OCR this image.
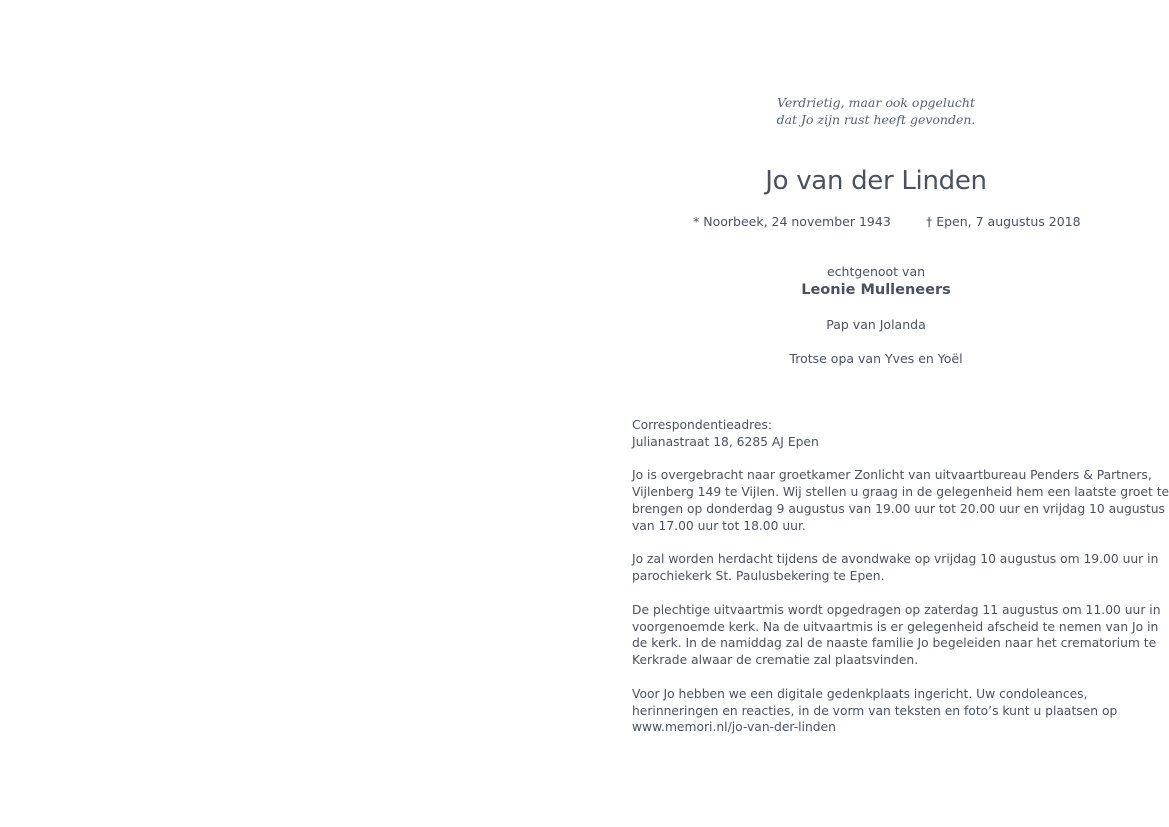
Verdrietig, maar ook opgelucht
dat Jo zijn rust heeft gevonden.
Jo van der Linden
* Noorbeek, 24 november 1943	† Epen, 7 augustus 2018
echtgenoot van
Leonie Mulleneers
Pap van Jolanda
Trotse opa van Yves en Yoël

Correspondentieadres:
Julianastraat 18, 6285 AJ Epen

Jo is overgebracht naar groetkamer Zonlicht van uitvaartbureau Penders & Partners,
Vijlenberg 149 te Vijlen. Wij stellen u graag in de gelegenheid hem een laatste groet te
brengen op donderdag 9 augustus van 19.00 uur tot 20.00 uur en vrijdag 10 augustus
van 17.00 uur tot 18.00 uur.

Jo zal worden herdacht tijdens de avondwake op vrijdag 10 augustus om 19.00 uur in
parochiekerk St. Paulusbekering te Epen.

De plechtige uitvaartmis wordt opgedragen op zaterdag 11 augustus om 11.00 uur in
voorgenoemde kerk. Na de uitvaartmis is er gelegenheid afscheid te nemen van Jo in
de kerk. In de namiddag zal de naaste familie Jo begeleiden naar het crematorium te
Kerkrade alwaar de crematie zal plaatsvinden.

Voor Jo hebben we een digitale gedenkplaats ingericht. Uw condoleances,
herinneringen en reacties, in de vorm van teksten en foto’s kunt u plaatsen op
www.memori.nl/jo-van-der-linden
